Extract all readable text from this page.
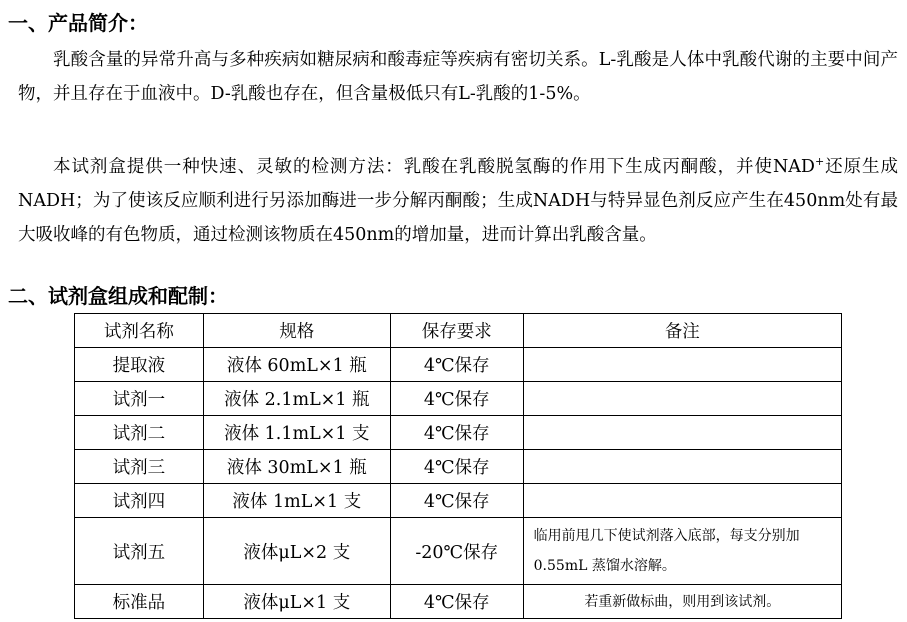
一、产品简介：
乳酸含量的异常升高与多种疾病如糖尿病和酸毒症等疾病有密切关系。L-乳酸是人体中乳酸代谢的主要中间产物，并且存在于血液中。D-乳酸也存在，但含量极低只有L-乳酸的1-5%。
本试剂盒提供一种快速、灵敏的检测方法：乳酸在乳酸脱氢酶的作用下生成丙酮酸，并使NAD+还原生成NADH；为了使该反应顺利进行另添加酶进一步分解丙酮酸；生成NADH与特异显色剂反应产生在450nm处有最大吸收峰的有色物质，通过检测该物质在450nm的增加量，进而计算出乳酸含量。
二、试剂盒组成和配制：
试剂名称	规格	保存要求	备注
提取液	液体 60mL×1 瓶	4℃保存	
试剂一	液体 2.1mL×1 瓶	4℃保存	
试剂二	液体 1.1mL×1 支	4℃保存	
试剂三	液体 30mL×1 瓶	4℃保存	
试剂四	液体 1mL×1 支	4℃保存	
试剂五	液体μL×2 支	-20℃保存	临用前甩几下使试剂落入底部，每支分别加 0.55mL 蒸馏水溶解。
标准品	液体μL×1 支	4℃保存	若重新做标曲，则用到该试剂。
